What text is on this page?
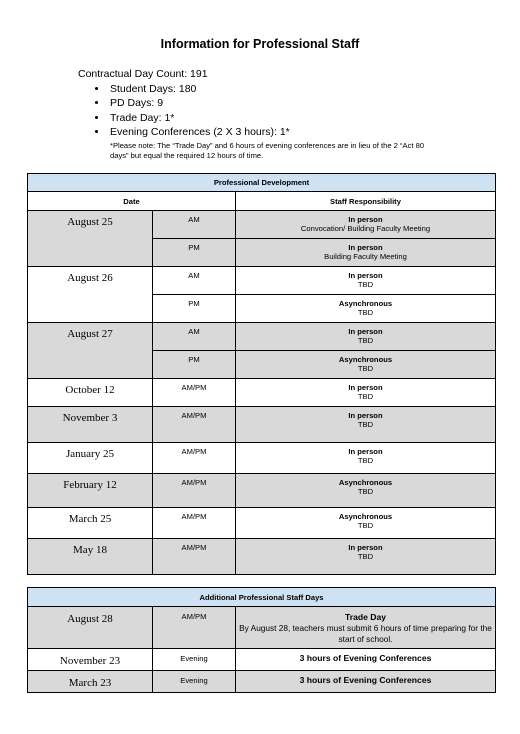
Information for Professional Staff
Contractual Day Count: 191
• Student Days: 180
• PD Days: 9
• Trade Day: 1*
• Evening Conferences (2 X 3 hours): 1*
*Please note: The “Trade Day” and 6 hours of evening conferences are in lieu of the 2 “Act 80 days” but equal the required 12 hours of time.
Professional Development		
Date		Staff Responsibility
August 25	AM	In person
Convocation/ Building Faculty Meeting
	PM	In person
Building Faculty Meeting
August 26	AM	In person
TBD
	PM	Asynchronous
TBD
August 27	AM	In person
TBD
	PM	Asynchronous
TBD
October 12	AM/PM	In person
TBD
November 3	AM/PM	In person
TBD
January 25	AM/PM	In person
TBD
February 12	AM/PM	Asynchronous
TBD
March 25	AM/PM	Asynchronous
TBD
May 18	AM/PM	In person
TBD
Additional Professional Staff Days		
August 28	AM/PM	Trade Day
By August 28, teachers must submit 6 hours of time preparing for the start of school.
November 23	Evening	3 hours of Evening Conferences
March 23	Evening	3 hours of Evening Conferences
